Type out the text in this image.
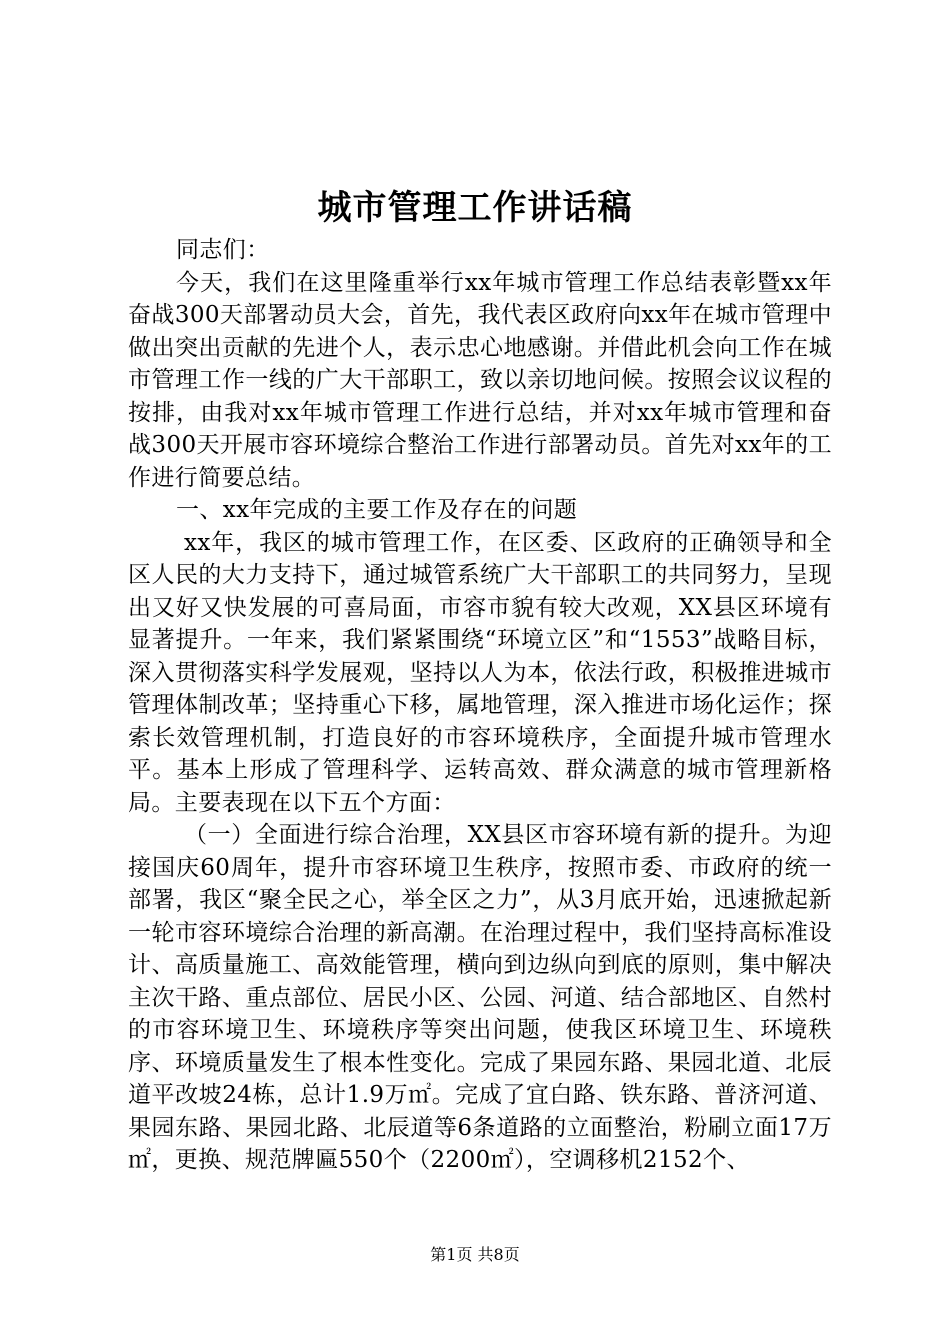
城市管理工作讲话稿

同志们：

今天，我们在这里隆重举行xx年城市管理工作总结表彰暨xx年奋战300天部署动员大会，首先，我代表区政府向xx年在城市管理中做出突出贡献的先进个人，表示忠心地感谢。并借此机会向工作在城市管理工作一线的广大干部职工，致以亲切地问候。按照会议议程的按排，由我对xx年城市管理工作进行总结，并对xx年城市管理和奋战300天开展市容环境综合整治工作进行部署动员。首先对xx年的工作进行简要总结。

一、xx年完成的主要工作及存在的问题

xx年，我区的城市管理工作，在区委、区政府的正确领导和全区人民的大力支持下，通过城管系统广大干部职工的共同努力，呈现出又好又快发展的可喜局面，市容市貌有较大改观，XX县区环境有显著提升。一年来，我们紧紧围绕“环境立区”和“1553”战略目标，深入贯彻落实科学发展观，坚持以人为本，依法行政，积极推进城市管理体制改革；坚持重心下移，属地管理，深入推进市场化运作；探索长效管理机制，打造良好的市容环境秩序，全面提升城市管理水平。基本上形成了管理科学、运转高效、群众满意的城市管理新格局。主要表现在以下五个方面：

（一）全面进行综合治理，XX县区市容环境有新的提升。为迎接国庆60周年，提升市容环境卫生秩序，按照市委、市政府的统一部署，我区“聚全民之心，举全区之力”，从3月底开始，迅速掀起新一轮市容环境综合治理的新高潮。在治理过程中，我们坚持高标准设计、高质量施工、高效能管理，横向到边纵向到底的原则，集中解决主次干路、重点部位、居民小区、公园、河道、结合部地区、自然村的市容环境卫生、环境秩序等突出问题，使我区环境卫生、环境秩序、环境质量发生了根本性变化。完成了果园东路、果园北道、北辰道平改坡24栋，总计1.9万㎡。完成了宜白路、铁东路、普济河道、果园东路、果园北路、北辰道等6条道路的立面整治，粉刷立面17万㎡，更换、规范牌匾550个（2200㎡），空调移机2152个、

第1页 共8页
